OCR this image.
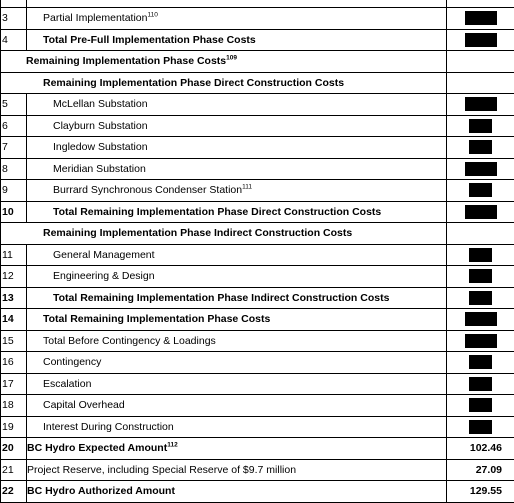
3	Partial Implementation$^{110}$	
4	Total Pre-Full Implementation Phase Costs	
Remaining Implementation Phase Costs$^{109}$	
Remaining Implementation Phase Direct Construction Costs		
5	McLellan Substation	
6	Clayburn Substation	
7	Ingledow Substation	
8	Meridian Substation	
9	Burrard Synchronous Condenser Station$^{111}$	
10	Total Remaining Implementation Phase Direct Construction Costs	
Remaining Implementation Phase Indirect Construction Costs		
11	General Management	
12	Engineering & Design	
13	Total Remaining Implementation Phase Indirect Construction Costs	
14	Total Remaining Implementation Phase Costs	
15	Total Before Contingency & Loadings	
16	Contingency	
17	Escalation	
18	Capital Overhead	
19	Interest During Construction	
20	BC Hydro Expected Amount$^{112}$	102.46
21	Project Reserve, including Special Reserve of $9.7 million	27.09
22	BC Hydro Authorized Amount	129.55
